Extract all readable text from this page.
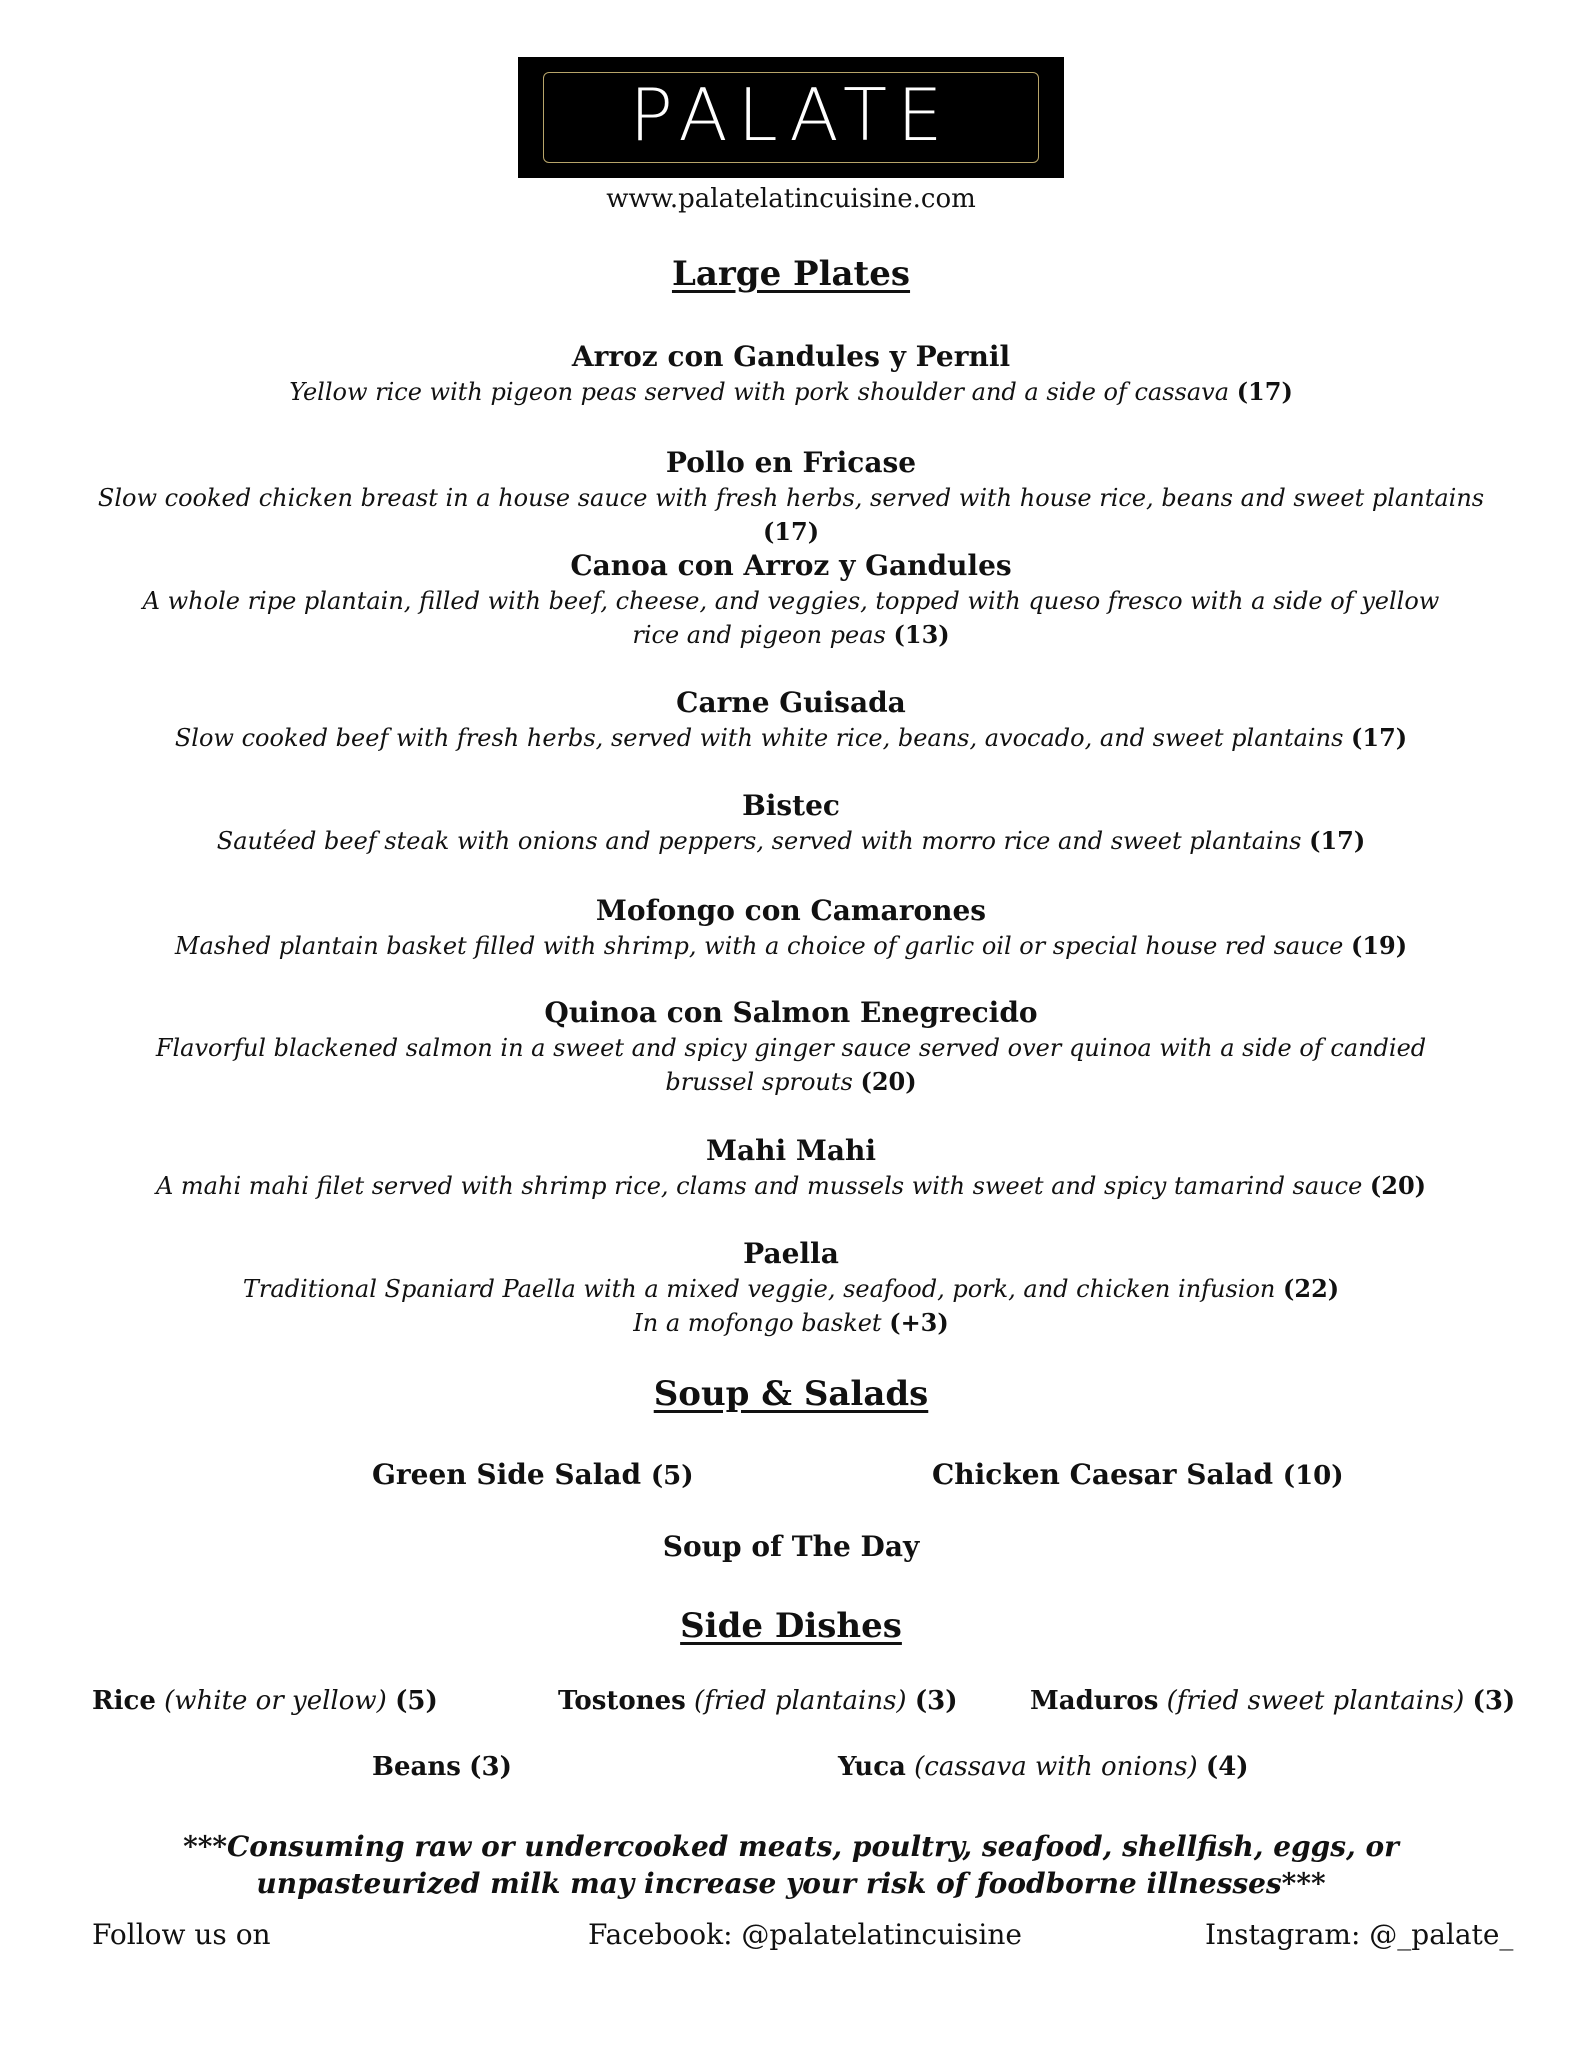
PALATE
www.palatelatincuisine.com
Large Plates
Arroz con Gandules y Pernil
Yellow rice with pigeon peas served with pork shoulder and a side of cassava (17)
Pollo en Fricase
Slow cooked chicken breast in a house sauce with fresh herbs, served with house rice, beans and sweet plantains (17)
Canoa con Arroz y Gandules
A whole ripe plantain, filled with beef, cheese, and veggies, topped with queso fresco with a side of yellow rice and pigeon peas (13)
Carne Guisada
Slow cooked beef with fresh herbs, served with white rice, beans, avocado, and sweet plantains (17)
Bistec
Sautéed beef steak with onions and peppers, served with morro rice and sweet plantains (17)
Mofongo con Camarones
Mashed plantain basket filled with shrimp, with a choice of garlic oil or special house red sauce (19)
Quinoa con Salmon Enegrecido
Flavorful blackened salmon in a sweet and spicy ginger sauce served over quinoa with a side of candied brussel sprouts (20)
Mahi Mahi
A mahi mahi filet served with shrimp rice, clams and mussels with sweet and spicy tamarind sauce (20)
Paella
Traditional Spaniard Paella with a mixed veggie, seafood, pork, and chicken infusion (22)
In a mofongo basket (+3)
Soup & Salads
Green Side Salad (5)	Chicken Caesar Salad (10)
Soup of The Day
Side Dishes
Rice (white or yellow) (5)	Tostones (fried plantains) (3)	Maduros (fried sweet plantains) (3)
Beans (3)	Yuca (cassava with onions) (4)
***Consuming raw or undercooked meats, poultry, seafood, shellfish, eggs, or unpasteurized milk may increase your risk of foodborne illnesses***
Follow us on	Facebook: @palatelatincuisine	Instagram: @_palate_
